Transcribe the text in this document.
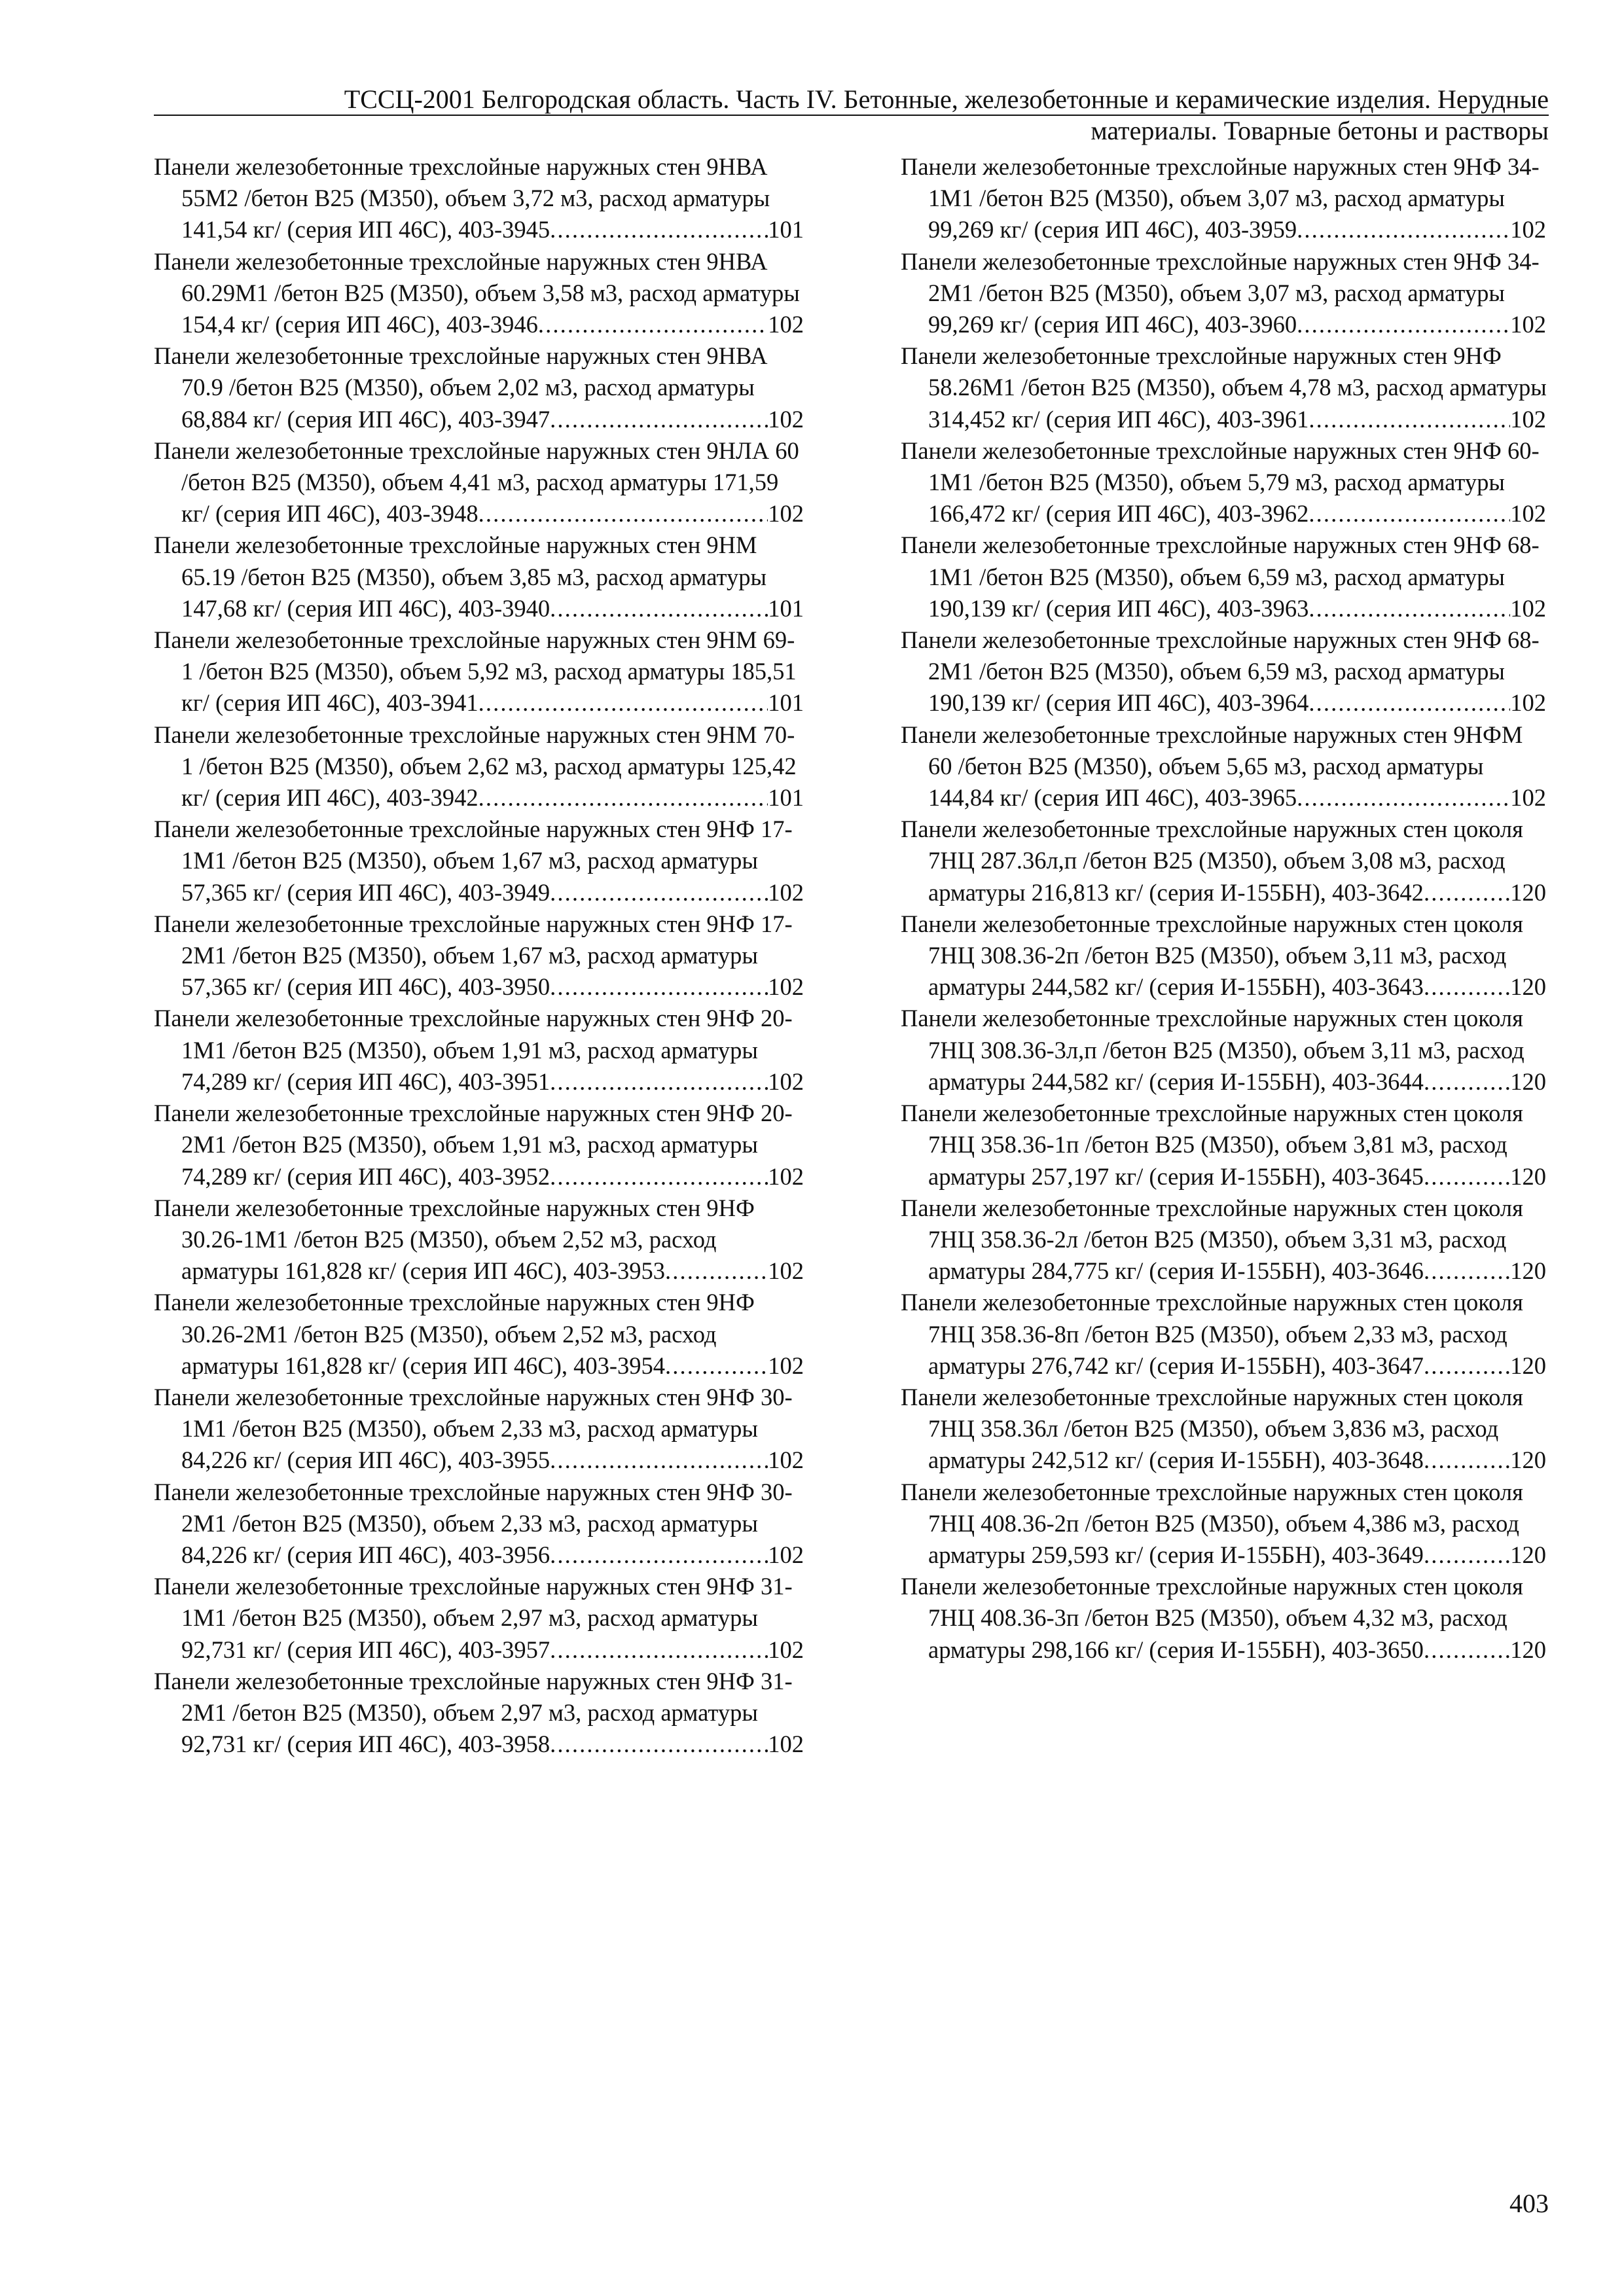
ТССЦ-2001 Белгородская область. Часть IV. Бетонные, железобетонные и керамические изделия. Нерудные
материалы. Товарные бетоны и растворы
Панели железобетонные трехслойные наружных стен 9НВА 55М2 /бетон В25 (М350), объем 3,72 м3, расход арматуры 141,54 кг/ (серия ИП 46С), 403-3945. . .	101
Панели железобетонные трехслойные наружных стен 9НВА 60.29М1 /бетон В25 (М350), объем 3,58 м3, расход арматуры 154,4 кг/ (серия ИП 46С), 403-3946. . .	102
Панели железобетонные трехслойные наружных стен 9НВА 70.9 /бетон В25 (М350), объем 2,02 м3, расход арматуры 68,884 кг/ (серия ИП 46С), 403-3947. . .	102
Панели железобетонные трехслойные наружных стен 9НЛА 60 /бетон В25 (М350), объем 4,41 м3, расход арматуры 171,59 кг/ (серия ИП 46С), 403-3948. . .	102
Панели железобетонные трехслойные наружных стен 9НМ 65.19 /бетон В25 (М350), объем 3,85 м3, расход арматуры 147,68 кг/ (серия ИП 46С), 403-3940. . .	101
Панели железобетонные трехслойные наружных стен 9НМ 69-1 /бетон В25 (М350), объем 5,92 м3, расход арматуры 185,51 кг/ (серия ИП 46С), 403-3941. . .	101
Панели железобетонные трехслойные наружных стен 9НМ 70-1 /бетон В25 (М350), объем 2,62 м3, расход арматуры 125,42 кг/ (серия ИП 46С), 403-3942. . .	101
Панели железобетонные трехслойные наружных стен 9НФ 17-1М1 /бетон В25 (М350), объем 1,67 м3, расход арматуры 57,365 кг/ (серия ИП 46С), 403-3949. . .	102
Панели железобетонные трехслойные наружных стен 9НФ 17-2М1 /бетон В25 (М350), объем 1,67 м3, расход арматуры 57,365 кг/ (серия ИП 46С), 403-3950. . .	102
Панели железобетонные трехслойные наружных стен 9НФ 20-1М1 /бетон В25 (М350), объем 1,91 м3, расход арматуры 74,289 кг/ (серия ИП 46С), 403-3951. . .	102
Панели железобетонные трехслойные наружных стен 9НФ 20-2М1 /бетон В25 (М350), объем 1,91 м3, расход арматуры 74,289 кг/ (серия ИП 46С), 403-3952. . .	102
Панели железобетонные трехслойные наружных стен 9НФ 30.26-1М1 /бетон В25 (М350), объем 2,52 м3, расход арматуры 161,828 кг/ (серия ИП 46С), 403-3953. . .	102
Панели железобетонные трехслойные наружных стен 9НФ 30.26-2М1 /бетон В25 (М350), объем 2,52 м3, расход арматуры 161,828 кг/ (серия ИП 46С), 403-3954. . .	102
Панели железобетонные трехслойные наружных стен 9НФ 30-1М1 /бетон В25 (М350), объем 2,33 м3, расход арматуры 84,226 кг/ (серия ИП 46С), 403-3955. . .	102
Панели железобетонные трехслойные наружных стен 9НФ 30-2М1 /бетон В25 (М350), объем 2,33 м3, расход арматуры 84,226 кг/ (серия ИП 46С), 403-3956. . .	102
Панели железобетонные трехслойные наружных стен 9НФ 31-1М1 /бетон В25 (М350), объем 2,97 м3, расход арматуры 92,731 кг/ (серия ИП 46С), 403-3957. . .	102
Панели железобетонные трехслойные наружных стен 9НФ 31-2М1 /бетон В25 (М350), объем 2,97 м3, расход арматуры 92,731 кг/ (серия ИП 46С), 403-3958. . .	102
Панели железобетонные трехслойные наружных стен 9НФ 34-1М1 /бетон В25 (М350), объем 3,07 м3, расход арматуры 99,269 кг/ (серия ИП 46С), 403-3959. . .	102
Панели железобетонные трехслойные наружных стен 9НФ 34-2М1 /бетон В25 (М350), объем 3,07 м3, расход арматуры 99,269 кг/ (серия ИП 46С), 403-3960. . .	102
Панели железобетонные трехслойные наружных стен 9НФ 58.26М1 /бетон В25 (М350), объем 4,78 м3, расход арматуры 314,452 кг/ (серия ИП 46С), 403-3961. . .	102
Панели железобетонные трехслойные наружных стен 9НФ 60-1М1 /бетон В25 (М350), объем 5,79 м3, расход арматуры 166,472 кг/ (серия ИП 46С), 403-3962. . .	102
Панели железобетонные трехслойные наружных стен 9НФ 68-1М1 /бетон В25 (М350), объем 6,59 м3, расход арматуры 190,139 кг/ (серия ИП 46С), 403-3963. . .	102
Панели железобетонные трехслойные наружных стен 9НФ 68-2М1 /бетон В25 (М350), объем 6,59 м3, расход арматуры 190,139 кг/ (серия ИП 46С), 403-3964. . .	102
Панели железобетонные трехслойные наружных стен 9НФМ 60 /бетон В25 (М350), объем 5,65 м3, расход арматуры 144,84 кг/ (серия ИП 46С), 403-3965. . .	102
Панели железобетонные трехслойные наружных стен цоколя 7НЦ 287.36л,п /бетон В25 (М350), объем 3,08 м3, расход арматуры 216,813 кг/ (серия И-155БН), 403-3642. . .	120
Панели железобетонные трехслойные наружных стен цоколя 7НЦ 308.36-2п /бетон В25 (М350), объем 3,11 м3, расход арматуры 244,582 кг/ (серия И-155БН), 403-3643. . .	120
Панели железобетонные трехслойные наружных стен цоколя 7НЦ 308.36-3л,п /бетон В25 (М350), объем 3,11 м3, расход арматуры 244,582 кг/ (серия И-155БН), 403-3644. . .	120
Панели железобетонные трехслойные наружных стен цоколя 7НЦ 358.36-1п /бетон В25 (М350), объем 3,81 м3, расход арматуры 257,197 кг/ (серия И-155БН), 403-3645. . .	120
Панели железобетонные трехслойные наружных стен цоколя 7НЦ 358.36-2л /бетон В25 (М350), объем 3,31 м3, расход арматуры 284,775 кг/ (серия И-155БН), 403-3646. . .	120
Панели железобетонные трехслойные наружных стен цоколя 7НЦ 358.36-8п /бетон В25 (М350), объем 2,33 м3, расход арматуры 276,742 кг/ (серия И-155БН), 403-3647. . .	120
Панели железобетонные трехслойные наружных стен цоколя 7НЦ 358.36л /бетон В25 (М350), объем 3,836 м3, расход арматуры 242,512 кг/ (серия И-155БН), 403-3648. . .	120
Панели железобетонные трехслойные наружных стен цоколя 7НЦ 408.36-2п /бетон В25 (М350), объем 4,386 м3, расход арматуры 259,593 кг/ (серия И-155БН), 403-3649. . .	120
Панели железобетонные трехслойные наружных стен цоколя 7НЦ 408.36-3п /бетон В25 (М350), объем 4,32 м3, расход арматуры 298,166 кг/ (серия И-155БН), 403-3650. . .	120
403
